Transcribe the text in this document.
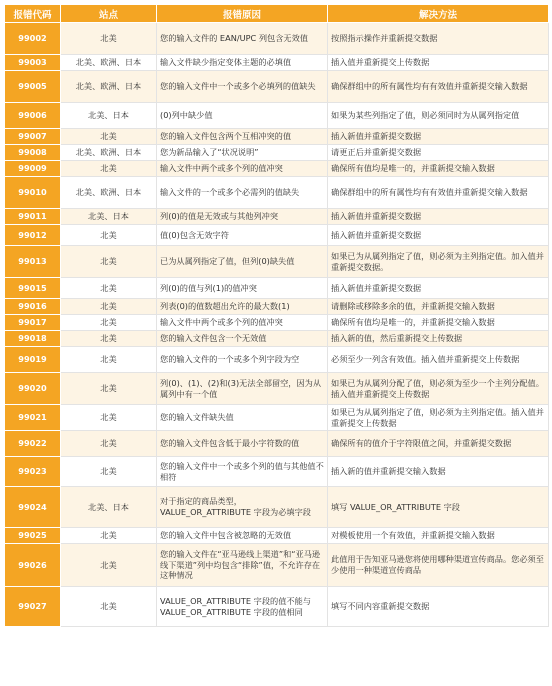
报错代码	站点	报错原因	解决方法
99002	北美	您的输入文件的 EAN/UPC 列包含无效值	按照指示操作并重新提交数据
99003	北美、欧洲、日本	输入文件缺少指定变体主题的必填值	插入值并重新提交上传数据
99005	北美、欧洲、日本	您的输入文件中一个或多个必填列的值缺失	确保群组中的所有属性均有有效值并重新提交输入数据
99006	北美、日本	(0)列中缺少值	如果为某些列指定了值，则必须同时为从属列指定值
99007	北美	您的输入文件包含两个互相冲突的值	插入新值并重新提交数据
99008	北美、欧洲、日本	您为新品输入了“状况说明”	请更正后并重新提交数据
99009	北美	输入文件中两个或多个列的值冲突	确保所有值均是唯一的，并重新提交输入数据
99010	北美、欧洲、日本	输入文件的一个或多个必需列的值缺失	确保群组中的所有属性均有有效值并重新提交输入数据
99011	北美、日本	列(0)的值是无效或与其他列冲突	插入新值并重新提交数据
99012	北美	值(0)包含无效字符	插入新值并重新提交数据
99013	北美	已为从属列指定了值，但列(0)缺失值	如果已为从属列指定了值，则必须为主列指定值。加入值并重新提交数据。
99015	北美	列(0)的值与列(1)的值冲突	插入新值并重新提交数据
99016	北美	列表(0)的值数超出允许的最大数(1)	请删除或移除多余的值，并重新提交输入数据
99017	北美	输入文件中两个或多个列的值冲突	确保所有值均是唯一的，并重新提交输入数据
99018	北美	您的输入文件包含一个无效值	插入新的值，然后重新提交上传数据
99019	北美	您的输入文件的一个或多个列字段为空	必须至少一列含有效值。插入值并重新提交上传数据
99020	北美	列(0)、(1)、(2)和(3)无法全部留空，因为从属列中有一个值	如果已为从属列分配了值，则必须为至少一个主列分配值。插入值并重新提交上传数据
99021	北美	您的输入文件缺失值	如果已为从属列指定了值，则必须为主列指定值。插入值并重新提交上传数据
99022	北美	您的输入文件包含低于最小字符数的值	确保所有的值介于字符限值之间，并重新提交数据
99023	北美	您的输入文件中一个或多个列的值与其他值不相符	插入新的值并重新提交输入数据
99024	北美、日本	对于指定的商品类型，VALUE_OR_ATTRIBUTE 字段为必填字段	填写 VALUE_OR_ATTRIBUTE 字段
99025	北美	您的输入文件中包含被忽略的无效值	对模板使用一个有效值，并重新提交输入数据
99026	北美	您的输入文件在“亚马逊线上渠道”和“亚马逊线下渠道”列中均包含“排除”值，不允许存在这种情况	此值用于告知亚马逊您将使用哪种渠道宣传商品。您必须至少使用一种渠道宣传商品
99027	北美	VALUE_OR_ATTRIBUTE 字段的值不能与 VALUE_OR_ATTRIBUTE 字段的值相同	填写不同内容重新提交数据
